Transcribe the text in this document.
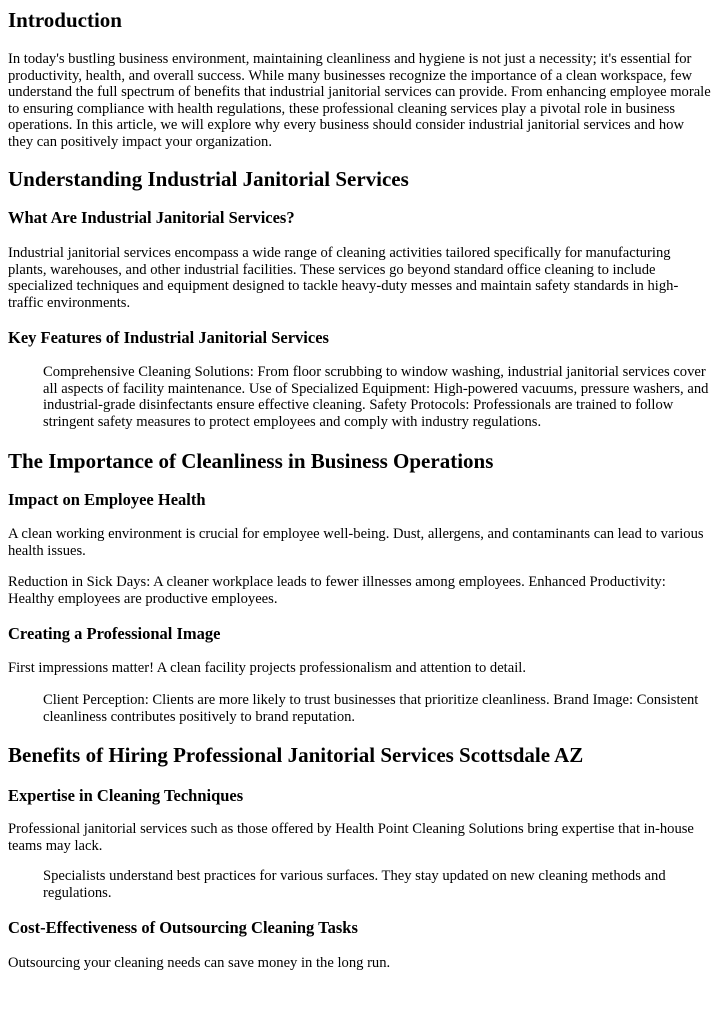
Introduction

In today's bustling business environment, maintaining cleanliness and hygiene is not just a necessity; it's essential for productivity, health, and overall success. While many businesses recognize the importance of a clean workspace, few understand the full spectrum of benefits that industrial janitorial services can provide. From enhancing employee morale to ensuring compliance with health regulations, these professional cleaning services play a pivotal role in business operations. In this article, we will explore why every business should consider industrial janitorial services and how they can positively impact your organization.

Understanding Industrial Janitorial Services
What Are Industrial Janitorial Services?

Industrial janitorial services encompass a wide range of cleaning activities tailored specifically for manufacturing plants, warehouses, and other industrial facilities. These services go beyond standard office cleaning to include specialized techniques and equipment designed to tackle heavy-duty messes and maintain safety standards in high-traffic environments.

Key Features of Industrial Janitorial Services
Comprehensive Cleaning Solutions: From floor scrubbing to window washing, industrial janitorial services cover all aspects of facility maintenance. Use of Specialized Equipment: High-powered vacuums, pressure washers, and industrial-grade disinfectants ensure effective cleaning. Safety Protocols: Professionals are trained to follow stringent safety measures to protect employees and comply with industry regulations.
The Importance of Cleanliness in Business Operations
Impact on Employee Health

A clean working environment is crucial for employee well-being. Dust, allergens, and contaminants can lead to various health issues.

Reduction in Sick Days: A cleaner workplace leads to fewer illnesses among employees. Enhanced Productivity: Healthy employees are productive employees.

Creating a Professional Image

First impressions matter! A clean facility projects professionalism and attention to detail.

Client Perception: Clients are more likely to trust businesses that prioritize cleanliness. Brand Image: Consistent cleanliness contributes positively to brand reputation.
Benefits of Hiring Professional Janitorial Services Scottsdale AZ
Expertise in Cleaning Techniques

Professional janitorial services such as those offered by Health Point Cleaning Solutions bring expertise that in-house teams may lack.

Specialists understand best practices for various surfaces. They stay updated on new cleaning methods and regulations.
Cost-Effectiveness of Outsourcing Cleaning Tasks

Outsourcing your cleaning needs can save money in the long run.
